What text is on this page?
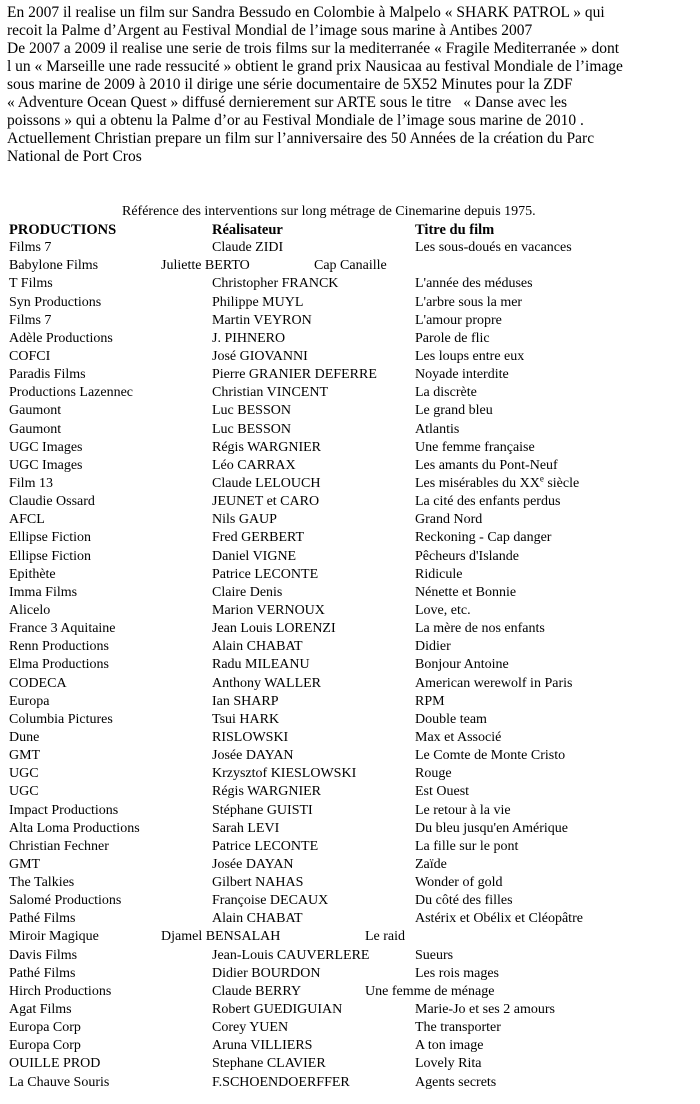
En 2007 il realise un film sur Sandra Bessudo en Colombie à Malpelo « SHARK PATROL » qui
recoit la Palme d’Argent au Festival Mondial de l’image sous marine à Antibes 2007
De 2007 a 2009 il realise une serie de trois films sur la mediterranée « Fragile Mediterranée » dont
l un « Marseille une rade ressucité » obtient le grand prix Nausicaa au festival Mondiale de l’image
sous marine de 2009 à 2010 il dirige une série documentaire de 5X52 Minutes pour la ZDF
« Adventure Ocean Quest » diffusé dernierement sur ARTE sous le titre « Danse avec les
poissons » qui a obtenu la Palme d’or au Festival Mondiale de l’image sous marine de 2010 .
Actuellement Christian prepare un film sur l’anniversaire des 50 Années de la création du Parc
National de Port Cros
Référence des interventions sur long métrage de Cinemarine depuis 1975.
PRODUCTIONS	Réalisateur	Titre du film
Films 7	Claude ZIDI	Les sous-doués en vacances
Babylone Films	Juliette BERTO	Cap Canaille
T Films	Christopher FRANCK	L'année des méduses
Syn Productions	Philippe MUYL	L'arbre sous la mer
Films 7	Martin VEYRON	L'amour propre
Adèle Productions	J. PIHNERO	Parole de flic
COFCI	José GIOVANNI	Les loups entre eux
Paradis Films	Pierre GRANIER DEFERRE	Noyade interdite
Productions Lazennec	Christian VINCENT	La discrète
Gaumont	Luc BESSON	Le grand bleu
Gaumont	Luc BESSON	Atlantis
UGC Images	Régis WARGNIER	Une femme française
UGC Images	Léo CARRAX	Les amants du Pont-Neuf
Film 13	Claude LELOUCH	Les misérables du XXe siècle
Claudie Ossard	JEUNET et CARO	La cité des enfants perdus
AFCL	Nils GAUP	Grand Nord
Ellipse Fiction	Fred GERBERT	Reckoning - Cap danger
Ellipse Fiction	Daniel VIGNE	Pêcheurs d'Islande
Epithète	Patrice LECONTE	Ridicule
Imma Films	Claire Denis	Nénette et Bonnie
Alicelo	Marion VERNOUX	Love, etc.
France 3 Aquitaine	Jean Louis LORENZI	La mère de nos enfants
Renn Productions	Alain CHABAT	Didier
Elma Productions	Radu MILEANU	Bonjour Antoine
CODECA	Anthony WALLER	American werewolf in Paris
Europa	Ian SHARP	RPM
Columbia Pictures	Tsui HARK	Double team
Dune	RISLOWSKI	Max et Associé
GMT	Josée DAYAN	Le Comte de Monte Cristo
UGC	Krzysztof KIESLOWSKI	Rouge
UGC	Régis WARGNIER	Est Ouest
Impact Productions	Stéphane GUISTI	Le retour à la vie
Alta Loma Productions	Sarah LEVI	Du bleu jusqu'en Amérique
Christian Fechner	Patrice LECONTE	La fille sur le pont
GMT	Josée DAYAN	Zaïde
The Talkies	Gilbert NAHAS	Wonder of gold
Salomé Productions	Françoise DECAUX	Du côté des filles
Pathé Films	Alain CHABAT	Astérix et Obélix et Cléopâtre
Miroir Magique	Djamel BENSALAH	Le raid
Davis Films	Jean-Louis CAUVERLERE	Sueurs
Pathé Films	Didier BOURDON	Les rois mages
Hirch Productions	Claude BERRY	Une femme de ménage
Agat Films	Robert GUEDIGUIAN	Marie-Jo et ses 2 amours
Europa Corp	Corey YUEN	The transporter
Europa Corp	Aruna VILLIERS	A ton image
OUILLE PROD	Stephane CLAVIER	Lovely Rita
La Chauve Souris	F.SCHOENDOERFFER	Agents secrets
